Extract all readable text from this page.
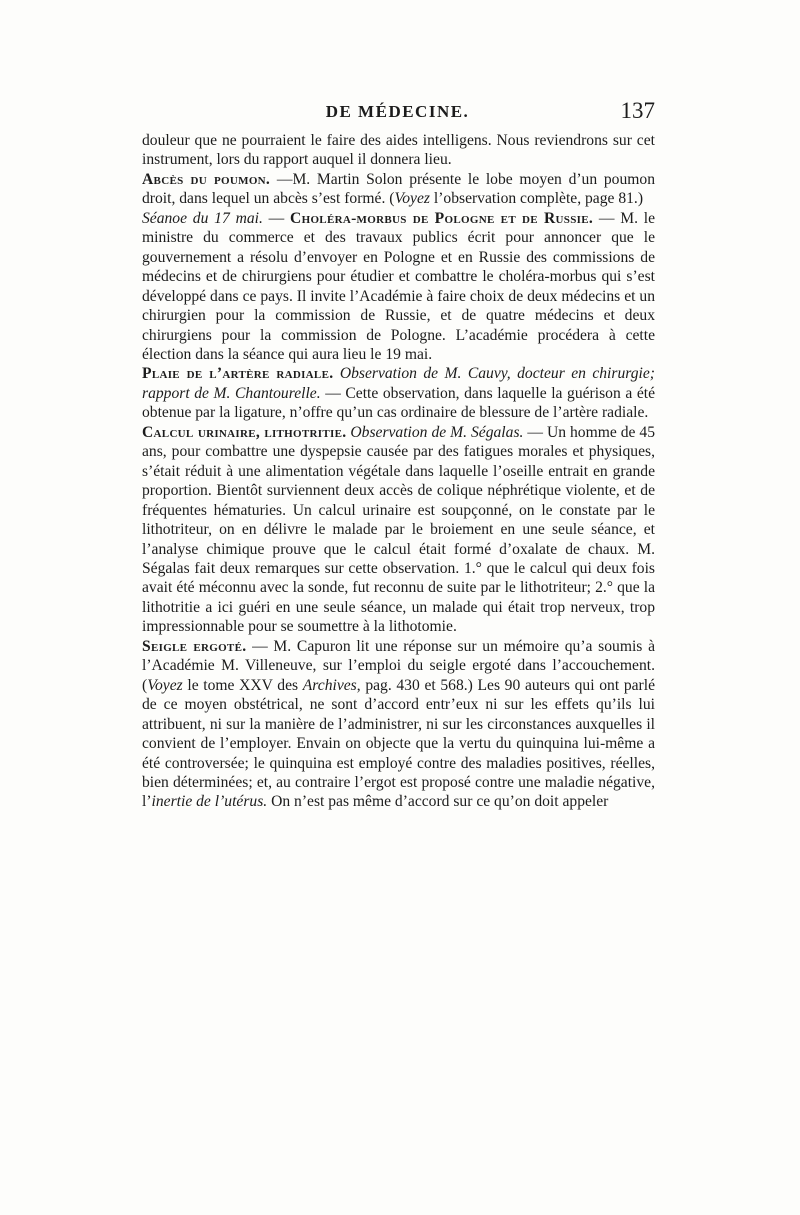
DE MÉDECINE.	137

douleur que ne pourraient le faire des aides intelligens. Nous reviendrons sur cet instrument, lors du rapport auquel il donnera lieu.

Abcès du poumon. —M. Martin Solon présente le lobe moyen d’un poumon droit, dans lequel un abcès s’est formé. (Voyez l’observation complète, page 81.)

Séanoe du 17 mai. — Choléra-morbus de Pologne et de Russie. — M. le ministre du commerce et des travaux publics écrit pour annoncer que le gouvernement a résolu d’envoyer en Pologne et en Russie des commissions de médecins et de chirurgiens pour étudier et combattre le choléra-morbus qui s’est développé dans ce pays. Il invite l’Académie à faire choix de deux médecins et un chirurgien pour la commission de Russie, et de quatre médecins et deux chirurgiens pour la commission de Pologne. L’académie procédera à cette élection dans la séance qui aura lieu le 19 mai.

Plaie de l’artère radiale. Observation de M. Cauvy, docteur en chirurgie; rapport de M. Chantourelle. — Cette observation, dans laquelle la guérison a été obtenue par la ligature, n’offre qu’un cas ordinaire de blessure de l’artère radiale.

Calcul urinaire, lithotritie. Observation de M. Ségalas. — Un homme de 45 ans, pour combattre une dyspepsie causée par des fatigues morales et physiques, s’était réduit à une alimentation végétale dans laquelle l’oseille entrait en grande proportion. Bientôt surviennent deux accès de colique néphrétique violente, et de fréquentes hématuries. Un calcul urinaire est soupçonné, on le constate par le lithotriteur, on en délivre le malade par le broiement en une seule séance, et l’analyse chimique prouve que le calcul était formé d’oxalate de chaux. M. Ségalas fait deux remarques sur cette observation. 1.° que le calcul qui deux fois avait été méconnu avec la sonde, fut reconnu de suite par le lithotriteur; 2.° que la lithotritie a ici guéri en une seule séance, un malade qui était trop nerveux, trop impressionnable pour se soumettre à la lithotomie.

Seigle ergoté. — M. Capuron lit une réponse sur un mémoire qu’a soumis à l’Académie M. Villeneuve, sur l’emploi du seigle ergoté dans l’accouchement. (Voyez le tome XXV des Archives, pag. 430 et 568.) Les 90 auteurs qui ont parlé de ce moyen obstétrical, ne sont d’accord entr’eux ni sur les effets qu’ils lui attribuent, ni sur la manière de l’administrer, ni sur les circonstances auxquelles il convient de l’employer. Envain on objecte que la vertu du quinquina lui-même a été controversée; le quinquina est employé contre des maladies positives, réelles, bien déterminées; et, au contraire l’ergot est proposé contre une maladie négative, l’inertie de l’utérus. On n’est pas même d’accord sur ce qu’on doit appeler
